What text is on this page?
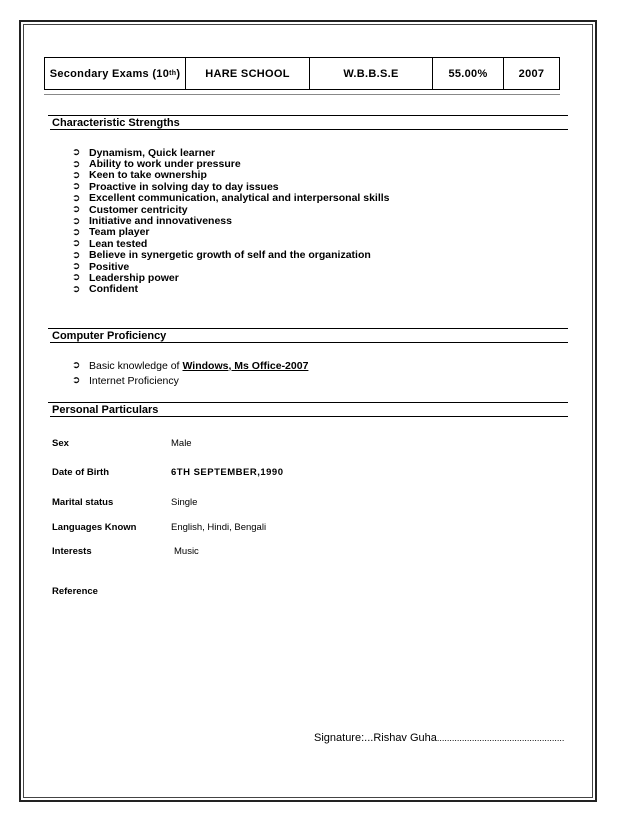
Secondary Exams (10 th )	HARE SCHOOL	W.B.B.S.E	55.00%	2007
Characteristic Strengths
➲ Dynamism, Quick learner
➲ Ability to work under pressure
➲ Keen to take ownership
➲ Proactive in solving day to day issues
➲ Excellent communication, analytical and interpersonal skills
➲ Customer centricity
➲ Initiative and innovativeness
➲ Team player
➲ Lean tested
➲ Believe in synergetic growth of self and the organization
➲ Positive
➲ Leadership power
➲ Confident
Computer Proficiency
➲ Basic knowledge of Windows, Ms Office-2007
➲ Internet Proficiency
Personal Particulars
Sex	Male
Date of Birth	6TH SEPTEMBER,1990
Marital status	Single
Languages Known	English, Hindi, Bengali
Interests	Music
Reference
Signature:...Rishav Guha...................................................
